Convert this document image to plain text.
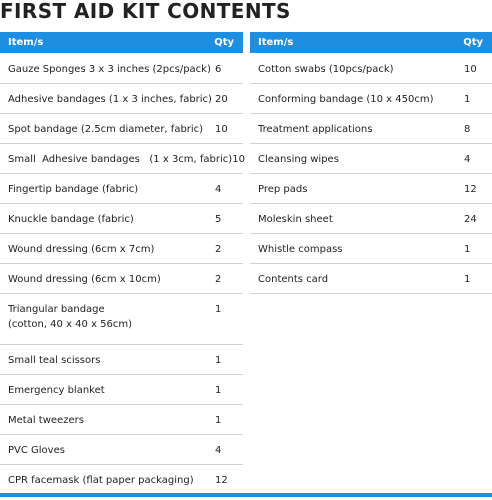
FIRST AID KIT CONTENTS
Item/s	Qty
Gauze Sponges 3 x 3 inches (2pcs/pack) 6
Adhesive bandages (1 x 3 inches, fabric) 20
Spot bandage (2.5cm diameter, fabric) 10
Small  Adhesive bandages   (1 x 3cm, fabric) 10
Fingertip bandage (fabric)	4
Knuckle bandage (fabric)	5
Wound dressing (6cm x 7cm)	2
Wound dressing (6cm x 10cm)	2
Triangular bandage
(cotton, 40 x 40 x 56cm)
1
Small teal scissors	1
Emergency blanket	1
Metal tweezers	1
PVC Gloves	4
CPR facemask (flat paper packaging) 12
Item/s	Qty
Cotton swabs (10pcs/pack)	10
Conforming bandage (10 x 450cm)	1
Treatment applications	8
Cleansing wipes	4
Prep pads	12
Moleskin sheet	24
Whistle compass	1
Contents card	1
